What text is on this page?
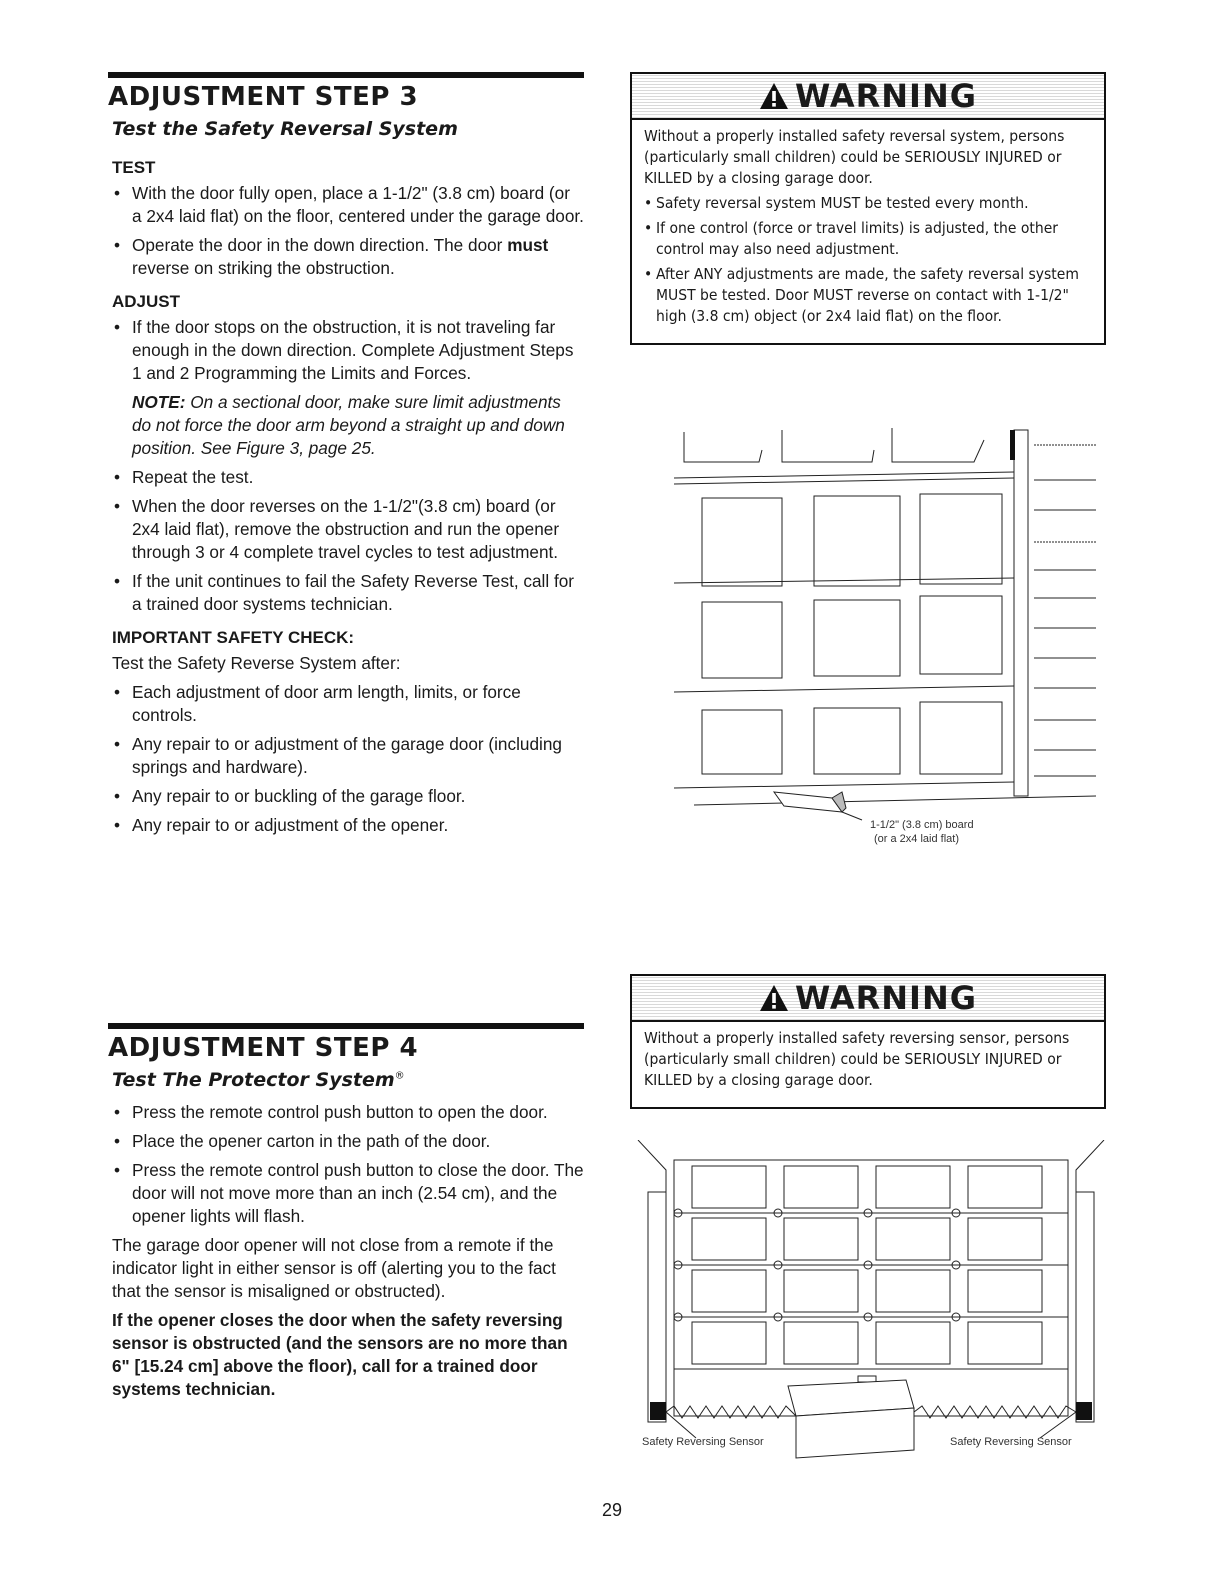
ADJUSTMENT STEP 3
Test the Safety Reversal System
TEST
• With the door fully open, place a 1-1/2" (3.8 cm) board (or a 2x4 laid flat) on the floor, centered under the garage door.
• Operate the door in the down direction. The door must reverse on striking the obstruction.
ADJUST
• If the door stops on the obstruction, it is not traveling far enough in the down direction. Complete Adjustment Steps 1 and 2 Programming the Limits and Forces.
NOTE: On a sectional door, make sure limit adjustments do not force the door arm beyond a straight up and down position. See Figure 3, page 25.
• Repeat the test.
• When the door reverses on the 1-1/2"(3.8 cm) board (or 2x4 laid flat), remove the obstruction and run the opener through 3 or 4 complete travel cycles to test adjustment.
• If the unit continues to fail the Safety Reverse Test, call for a trained door systems technician.
IMPORTANT SAFETY CHECK:
Test the Safety Reverse System after:
• Each adjustment of door arm length, limits, or force controls.
• Any repair to or adjustment of the garage door (including springs and hardware).
• Any repair to or buckling of the garage floor.
• Any repair to or adjustment of the opener.
ADJUSTMENT STEP 4
Test The Protector System®
• Press the remote control push button to open the door.
• Place the opener carton in the path of the door.
• Press the remote control push button to close the door. The door will not move more than an inch (2.54 cm), and the opener lights will flash.
The garage door opener will not close from a remote if the indicator light in either sensor is off (alerting you to the fact that the sensor is misaligned or obstructed).
If the opener closes the door when the safety reversing sensor is obstructed (and the sensors are no more than 6" [15.24 cm] above the floor), call for a trained door systems technician.
WARNING

Without a properly installed safety reversal system, persons (particularly small children) could be SERIOUSLY INJURED or KILLED by a closing garage door.

• Safety reversal system MUST be tested every month.
• If one control (force or travel limits) is adjusted, the other control may also need adjustment.
• After ANY adjustments are made, the safety reversal system MUST be tested. Door MUST reverse on contact with 1-1/2" high (3.8 cm) object (or 2x4 laid flat) on the floor.
1-1/2" (3.8 cm) board
(or a 2x4 laid flat)
WARNING

Without a properly installed safety reversing sensor, persons (particularly small children) could be SERIOUSLY INJURED or KILLED by a closing garage door.

Safety Reversing Sensor	Safety Reversing Sensor
29
